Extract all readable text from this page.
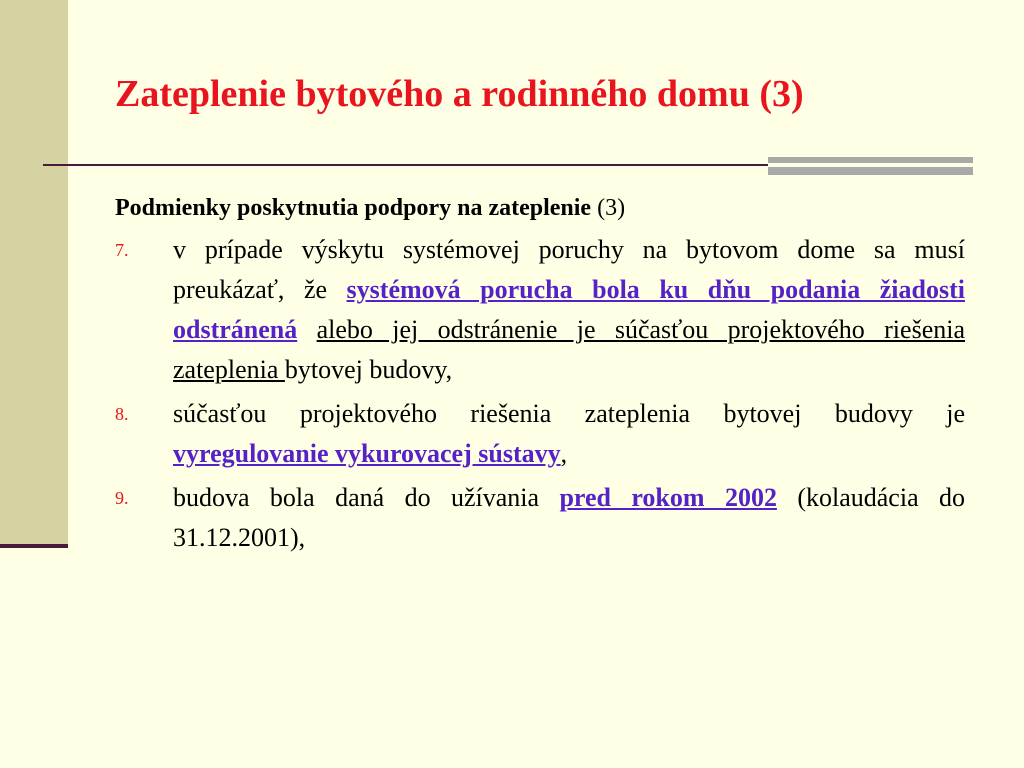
Zateplenie bytového a rodinného domu (3)
Podmienky poskytnutia podpory na zateplenie (3)
7. v prípade výskytu systémovej poruchy na bytovom dome sa musí preukázať, že systémová porucha bola ku dňu podania žiadosti odstránená alebo jej odstránenie je súčasťou projektového riešenia zateplenia bytovej budovy,
8. súčasťou projektového riešenia zateplenia bytovej budovy je vyregulovanie vykurovacej sústavy,
9. budova bola daná do užívania pred rokom 2002 (kolaudácia do 31.12.2001),
